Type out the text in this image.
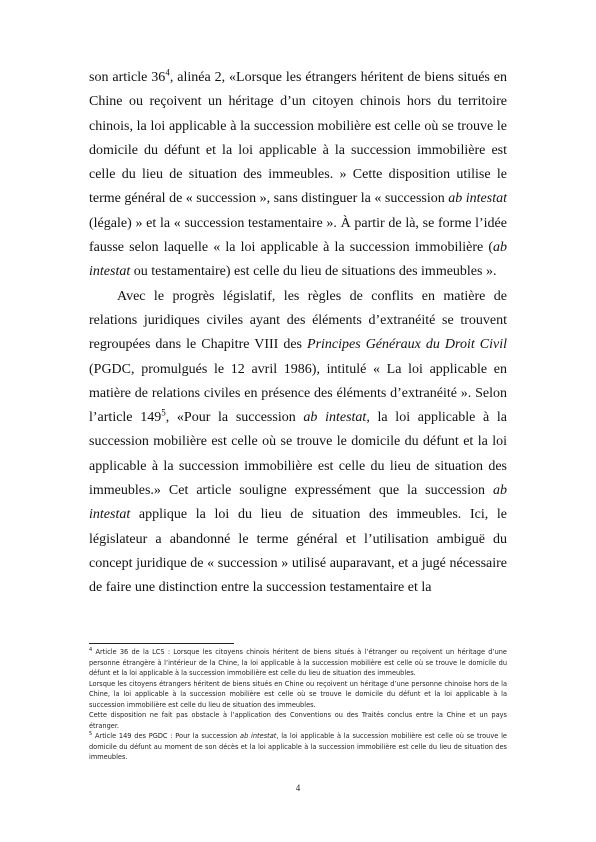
son article $36^4$, alinéa 2, «Lorsque les étrangers héritent de biens situés en Chine ou reçoivent un héritage d’un citoyen chinois hors du territoire chinois, la loi applicable à la succession mobilière est celle où se trouve le domicile du défunt et la loi applicable à la succession immobilière est celle du lieu de situation des immeubles. » Cette disposition utilise le terme général de « succession », sans distinguer la « succession ab intestat (légale) » et la « succession testamentaire ». À partir de là, se forme l’idée fausse selon laquelle « la loi applicable à la succession immobilière (ab intestat ou testamentaire) est celle du lieu de situations des immeubles ».

Avec le progrès législatif, les règles de conflits en matière de relations juridiques civiles ayant des éléments d’extranéité se trouvent regroupées dans le Chapitre VIII des Principes Généraux du Droit Civil (PGDC, promulgués le 12 avril 1986), intitulé « La loi applicable en matière de relations civiles en présence des éléments d’extranéité ». Selon l’article $149^5$, «Pour la succession ab intestat, la loi applicable à la succession mobilière est celle où se trouve le domicile du défunt et la loi applicable à la succession immobilière est celle du lieu de situation des immeubles.» Cet article souligne expressément que la succession ab intestat applique la loi du lieu de situation des immeubles. Ici, le législateur a abandonné le terme général et l’utilisation ambiguë du concept juridique de « succession » utilisé auparavant, et a jugé nécessaire de faire une distinction entre la succession testamentaire et la

$^4$ Article 36 de la LCS : Lorsque les citoyens chinois héritent de biens situés à l’étranger ou reçoivent un héritage d’une personne étrangère à l’intérieur de la Chine, la loi applicable à la succession mobilière est celle où se trouve le domicile du défunt et la loi applicable à la succession immobilière est celle du lieu de situation des immeubles.

Lorsque les citoyens étrangers héritent de biens situés en Chine ou reçoivent un héritage d’une personne chinoise hors de la Chine, la loi applicable à la succession mobilière est celle où se trouve le domicile du défunt et la loi applicable à la succession immobilière est celle du lieu de situation des immeubles.

Cette disposition ne fait pas obstacle à l’application des Conventions ou des Traités conclus entre la Chine et un pays étranger.

$^5$ Article 149 des PGDC : Pour la succession ab intestat, la loi applicable à la succession mobilière est celle où se trouve le domicile du défunt au moment de son décès et la loi applicable à la succession immobilière est celle du lieu de situation des immeubles.

4
